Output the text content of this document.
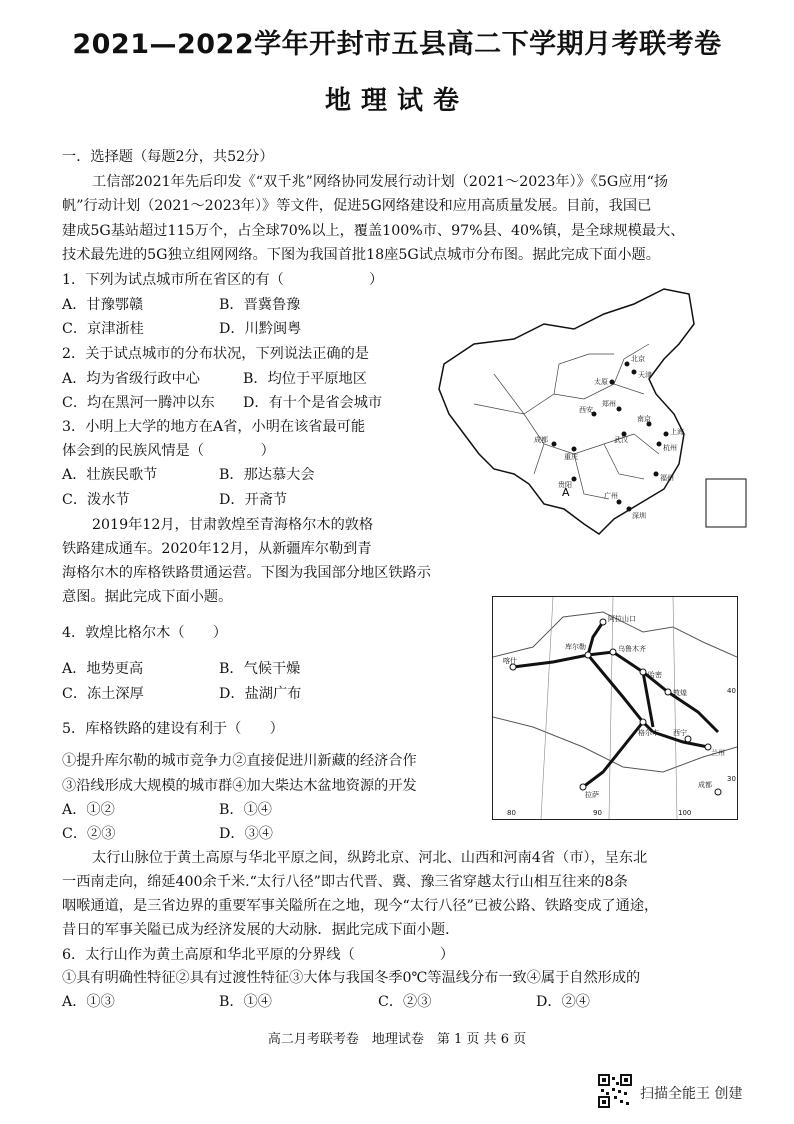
2021—2022学年开封市五县高二下学期月考联考卷
地理试卷
一．选择题（每题2分，共52分）
工信部2021年先后印发《“双千兆”网络协同发展行动计划（2021～2023年）》《5G应用“扬
帆”行动计划（2021～2023年）》等文件，促进5G网络建设和应用高质量发展。目前，我国已
建成5G基站超过115万个，占全球70%以上，覆盖100%市、97%县、40%镇，是全球规模最大、
技术最先进的5G独立组网网络。下图为我国首批18座5G试点城市分布图。据此完成下面小题。
1．下列为试点城市所在省区的有（　　　　　　）
A．甘豫鄂赣	B．晋冀鲁豫
C．京津浙桂	D．川黔闽粤
2．关于试点城市的分布状况，下列说法正确的是
A．均为省级行政中心	B．均位于平原地区
C．均在黑河一腾冲以东 D．有十个是省会城市
3．小明上大学的地方在A省，小明在该省最可能
体会到的民族风情是（　　　　）
A．壮族民歌节	B．那达慕大会
C．泼水节	D．开斋节
2019年12月，甘肃敦煌至青海格尔木的敦格
铁路建成通车。2020年12月，从新疆库尔勒到青
海格尔木的库格铁路贯通运营。下图为我国部分地区铁路示
意图。据此完成下面小题。
4．敦煌比格尔木（　　）
A．地势更高	B．气候干燥
C．冻土深厚	D．盐湖广布
5．库格铁路的建设有利于（　　）
①提升库尔勒的城市竞争力②直接促进川新藏的经济合作
③沿线形成大规模的城市群④加大柴达木盆地资源的开发
A．①②	B．①④
C．②③	D．③④
太行山脉位于黄土高原与华北平原之间，纵跨北京、河北、山西和河南4省（市），呈东北
一西南走向，绵延400余千米.“太行八径”即古代晋、冀、豫三省穿越太行山相互往来的8条
咽喉通道，是三省边界的重要军事关隘所在之地，现今“太行八径”已被公路、铁路变成了通途，
昔日的军事关隘已成为经济发展的大动脉．据此完成下面小题．
6．太行山作为黄土高原和华北平原的分界线（　　　　　　）
①具有明确性特征②具有过渡性特征③大体与我国冬季0℃等温线分布一致④属于自然形成的
A．①③	B．①④	C．②③	D．②④
北京
天津
太原
郑州
西安
重庆
上海
杭州
福州
深圳
广州
成都
贵阳
南京
武汉
A
阿拉山口
乌鲁木齐
库尔勒
喀什
哈密
敦煌
格尔木
兰州
西宁
拉萨
成都
80	90	100
40
30
高二月考联考卷　地理试卷　第 1 页 共 6 页
扫描全能王 创建
